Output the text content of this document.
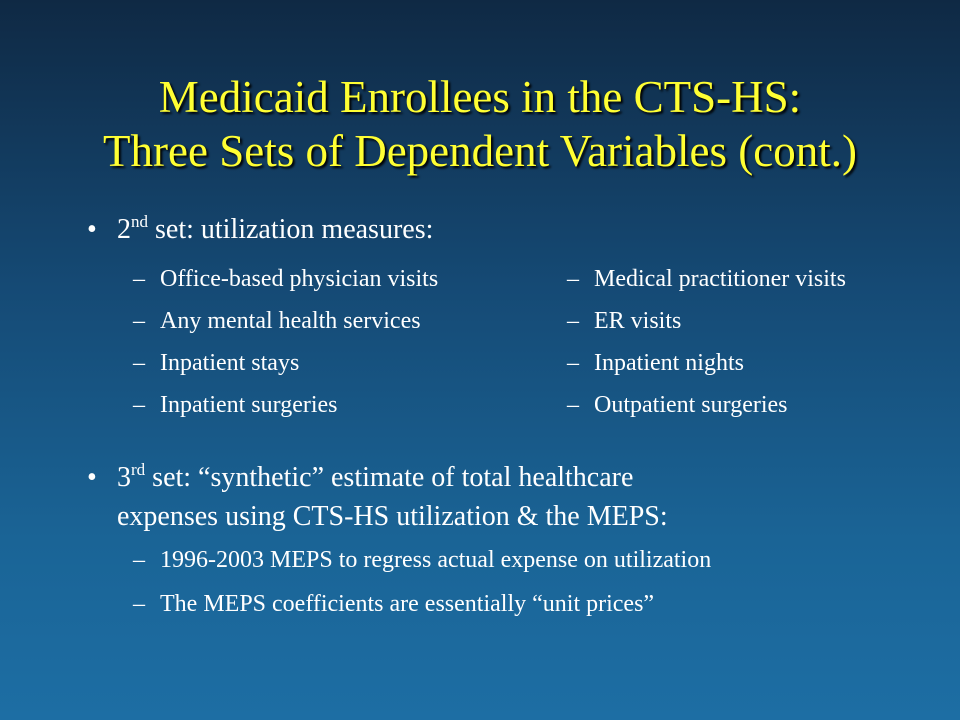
Medicaid Enrollees in the CTS-HS:
Three Sets of Dependent Variables (cont.)
• 2nd set: utilization measures:
– Office-based physician visits
– Any mental health services
– Inpatient stays
– Inpatient surgeries
– Medical practitioner visits
– ER visits
– Inpatient nights
– Outpatient surgeries
• 3rd set: “synthetic” estimate of total healthcare
expenses using CTS-HS utilization & the MEPS:
– 1996-2003 MEPS to regress actual expense on utilization
– The MEPS coefficients are essentially “unit prices”
